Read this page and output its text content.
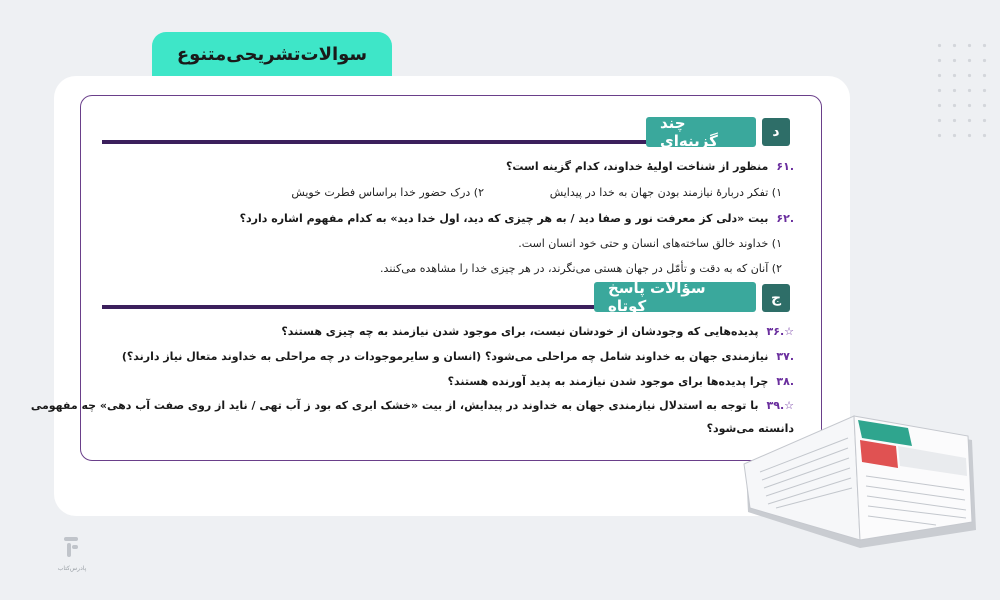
سوالات‌تشریحی‌متنوع
چند گزینه‌ای	د
.۶۱منظور از شناخت اولیهٔ خداوند، کدام گزینه است؟
۱) تفکر دربارهٔ نیازمند بودن جهان به خدا در پیدایش
۲) درک حضور خدا براساس فطرت خویش
.۶۲بیت «دلی کز معرفت نور و صفا دید / به هر چیزی که دید، اول خدا دید» به کدام مفهوم اشاره دارد؟
۱) خداوند خالق ساخته‌های انسان و حتی خود انسان است.
۲) آنان که به دقت و تأمّل در جهان هستی می‌نگرند، در هر چیزی خدا را مشاهده می‌کنند.
سؤالات پاسخ کوتاه	ج
☆.۳۶پدیده‌هایی که وجودشان از خودشان نیست، برای موجود شدن نیازمند به چه چیزی هستند؟
.۳۷نیازمندی جهان به خداوند شامل چه مراحلی می‌شود؟ (انسان و سایرموجودات در چه مراحلی به خداوند متعال نیاز دارند؟)
.۳۸چرا پدیده‌ها برای موجود شدن نیازمند به پدید آورنده هستند؟
☆.۳۹با توجه به استدلال نیازمندی جهان به خداوند در پیدایش، از بیت «خشک ابری که بود ز آب تهی / ناید از روی صفت آب دهی» چه مفهومی
دانسته می‌شود؟
پادرس‌کتاب
